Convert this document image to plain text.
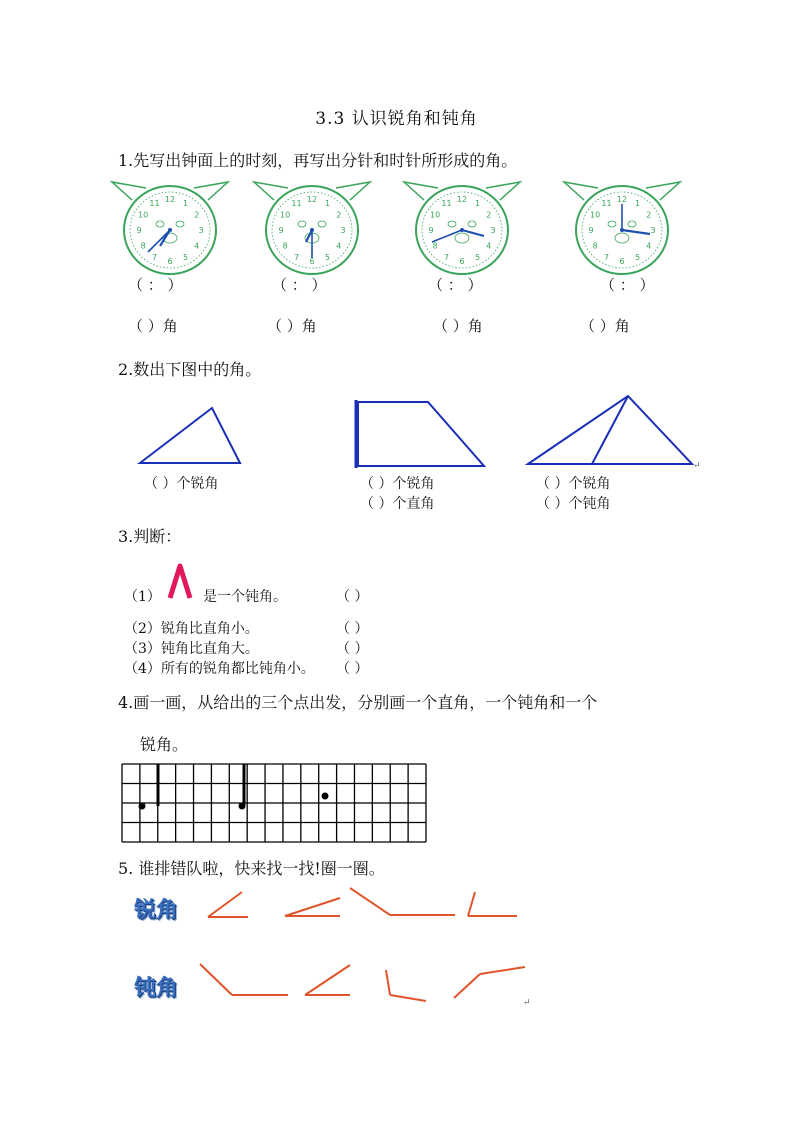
3.3 认识锐角和钝角
1.先写出钟面上的时刻，再写出分针和时针所形成的角。
12 1
2
3
4
5
6
7
8
9
10
11	12 1
2
3
4
5
6
7
8
9
10
11	12 1
2
3
4
5
6
7
8
9
10
11	12 1
2
3
4
5
6
7
8
9
10
11
（ ： ）	（ ： ）	（ ： ）	（ ： ）
（ ）角	（ ）角	（ ）角	（ ）角
2.数出下图中的角。
↵
（ ）个锐角	（ ）个锐角
（ ）个直角
（ ）个锐角
（ ）个钝角
3.判断：
（1）	是一个钝角。	（ ）
（2）锐角比直角小。	（ ）
（3）钝角比直角大。	（ ）
（4）所有的锐角都比钝角小。 （ ）
4.画一画，从给出的三个点出发，分别画一个直角，一个钝角和一个
锐角。
5. 谁排错队啦，快来找一找!圈一圈。
锐角
钝角
↵
